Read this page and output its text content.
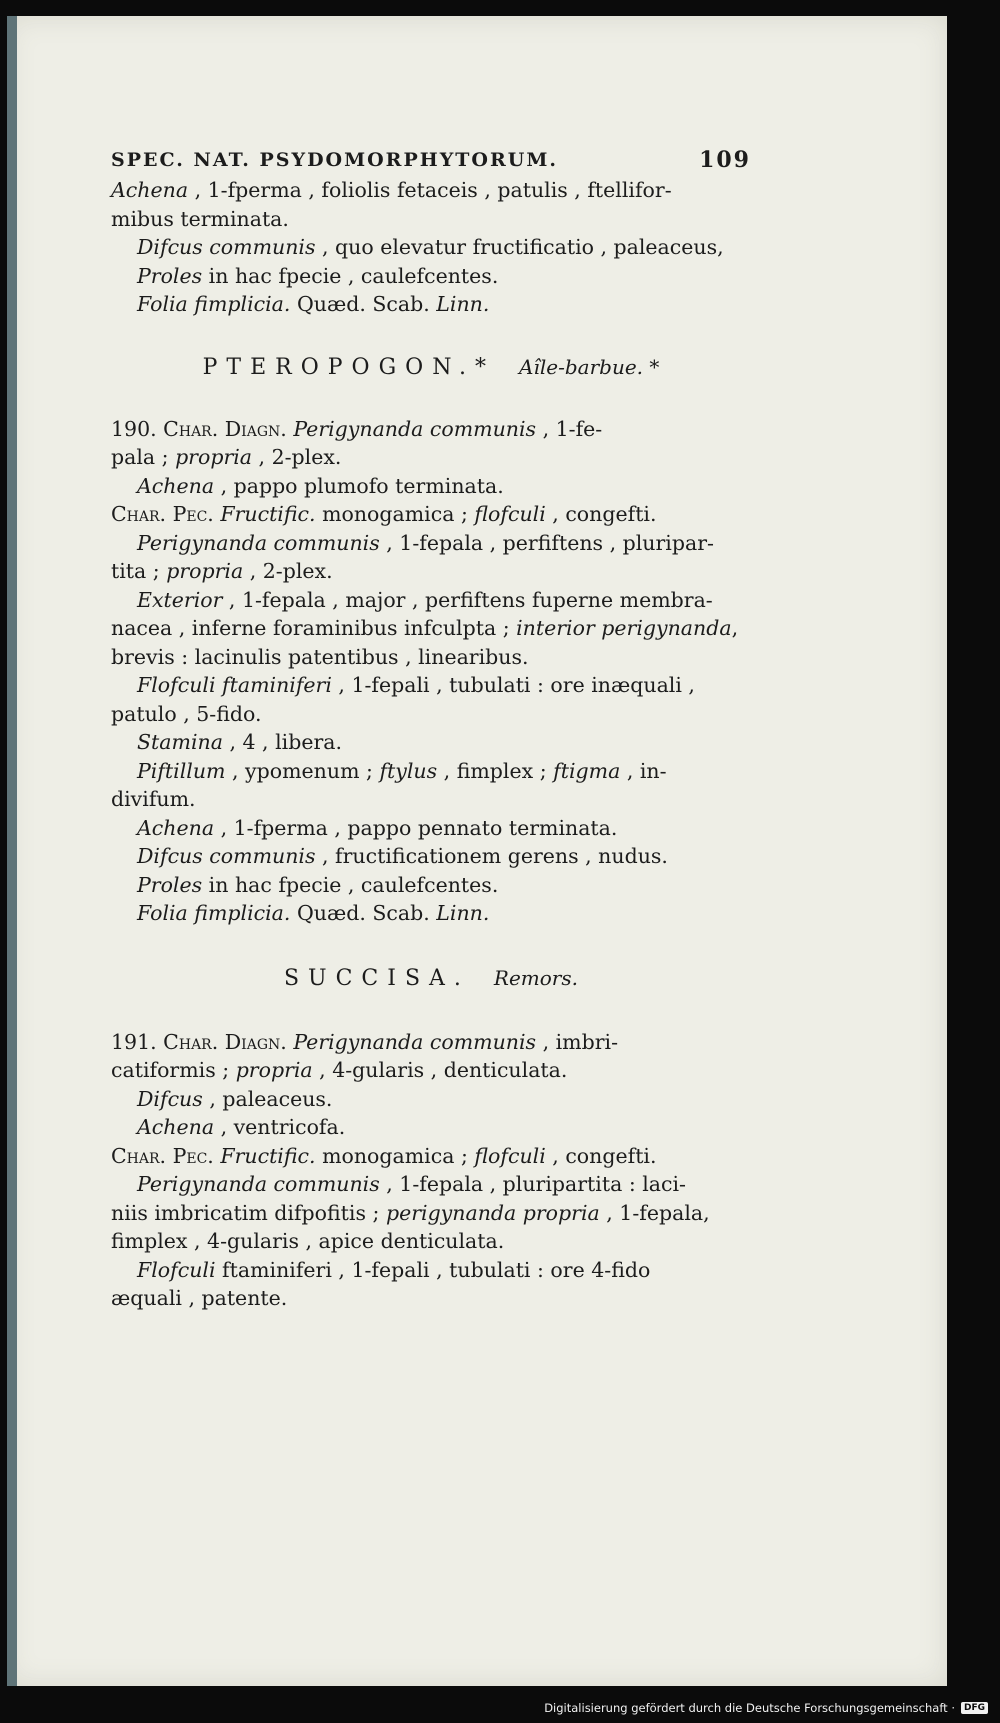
SPEC. NAT. PSYDOMORPHYTORUM.	109
Achena , 1-fperma , foliolis fetaceis , patulis , ftellifor-
mibus terminata.
Difcus communis , quo elevatur fructificatio , paleaceus,
Proles in hac fpecie , caulefcentes.
Folia fimplicia. Quæd. Scab. Linn.
PTEROPOGON.* Aîle-barbue. *
190. Char. Diagn. Perigynanda communis , 1-fe-
pala ; propria , 2-plex.
Achena , pappo plumofo terminata.
Char. Pec. Fructific. monogamica ; flofculi , congefti.
Perigynanda communis , 1-fepala , perfiftens , pluripar-
tita ; propria , 2-plex.
Exterior , 1-fepala , major , perfiftens fuperne membra-
nacea , inferne foraminibus infculpta ; interior perigynanda,
brevis : lacinulis patentibus , linearibus.
Flofculi ftaminiferi , 1-fepali , tubulati : ore inæquali ,
patulo , 5-fido.
Stamina , 4 , libera.
Piftillum , ypomenum ; ftylus , fimplex ; ftigma , in-
divifum.
Achena , 1-fperma , pappo pennato terminata.
Difcus communis , fructificationem gerens , nudus.
Proles in hac fpecie , caulefcentes.
Folia fimplicia. Quæd. Scab. Linn.
SUCCISA. Remors.
191. Char. Diagn. Perigynanda communis , imbri-
catiformis ; propria , 4-gularis , denticulata.
Difcus , paleaceus.
Achena , ventricofa.
Char. Pec. Fructific. monogamica ; flofculi , congefti.
Perigynanda communis , 1-fepala , pluripartita : laci-
niis imbricatim difpofitis ; perigynanda propria , 1-fepala,
fimplex , 4-gularis , apice denticulata.
Flofculi ftaminiferi , 1-fepali , tubulati : ore 4-fido
æquali , patente.
Digitalisierung gefördert durch die Deutsche Forschungsgemeinschaft ·	DFG
